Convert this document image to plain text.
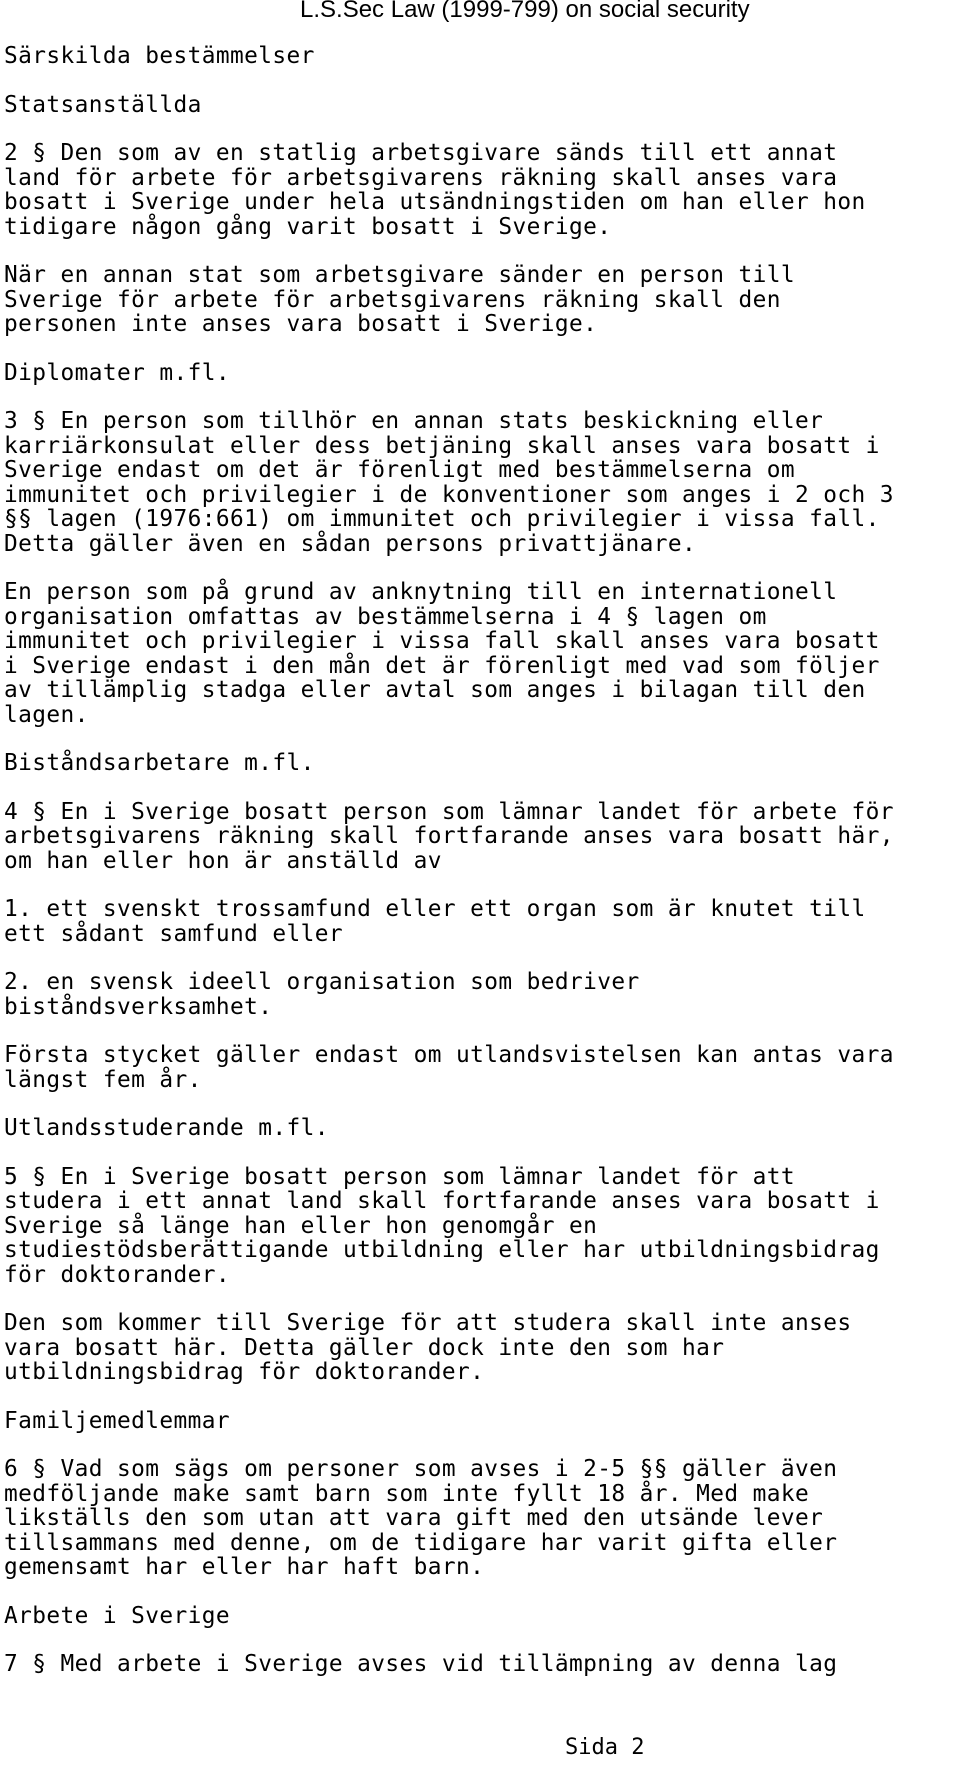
L.S.Sec Law (1999-799) on social security
Särskilda bestämmelser
Statsanställda
2 § Den som av en statlig arbetsgivare sänds till ett annat
land för arbete för arbetsgivarens räkning skall anses vara
bosatt i Sverige under hela utsändningstiden om han eller hon
tidigare någon gång varit bosatt i Sverige.
När en annan stat som arbetsgivare sänder en person till
Sverige för arbete för arbetsgivarens räkning skall den
personen inte anses vara bosatt i Sverige.
Diplomater m.fl.
3 § En person som tillhör en annan stats beskickning eller
karriärkonsulat eller dess betjäning skall anses vara bosatt i
Sverige endast om det är förenligt med bestämmelserna om
immunitet och privilegier i de konventioner som anges i 2 och 3
§§ lagen (1976:661) om immunitet och privilegier i vissa fall.
Detta gäller även en sådan persons privattjänare.
En person som på grund av anknytning till en internationell
organisation omfattas av bestämmelserna i 4 § lagen om
immunitet och privilegier i vissa fall skall anses vara bosatt
i Sverige endast i den mån det är förenligt med vad som följer
av tillämplig stadga eller avtal som anges i bilagan till den
lagen.
Biståndsarbetare m.fl.
4 § En i Sverige bosatt person som lämnar landet för arbete för
arbetsgivarens räkning skall fortfarande anses vara bosatt här,
om han eller hon är anställd av
1. ett svenskt trossamfund eller ett organ som är knutet till
ett sådant samfund eller
2. en svensk ideell organisation som bedriver
biståndsverksamhet.
Första stycket gäller endast om utlandsvistelsen kan antas vara
längst fem år.
Utlandsstuderande m.fl.
5 § En i Sverige bosatt person som lämnar landet för att
studera i ett annat land skall fortfarande anses vara bosatt i
Sverige så länge han eller hon genomgår en
studiestödsberättigande utbildning eller har utbildningsbidrag
för doktorander.
Den som kommer till Sverige för att studera skall inte anses
vara bosatt här. Detta gäller dock inte den som har
utbildningsbidrag för doktorander.
Familjemedlemmar
6 § Vad som sägs om personer som avses i 2-5 §§ gäller även
medföljande make samt barn som inte fyllt 18 år. Med make
likställs den som utan att vara gift med den utsände lever
tillsammans med denne, om de tidigare har varit gifta eller
gemensamt har eller har haft barn.
Arbete i Sverige
7 § Med arbete i Sverige avses vid tillämpning av denna lag
Sida 2
